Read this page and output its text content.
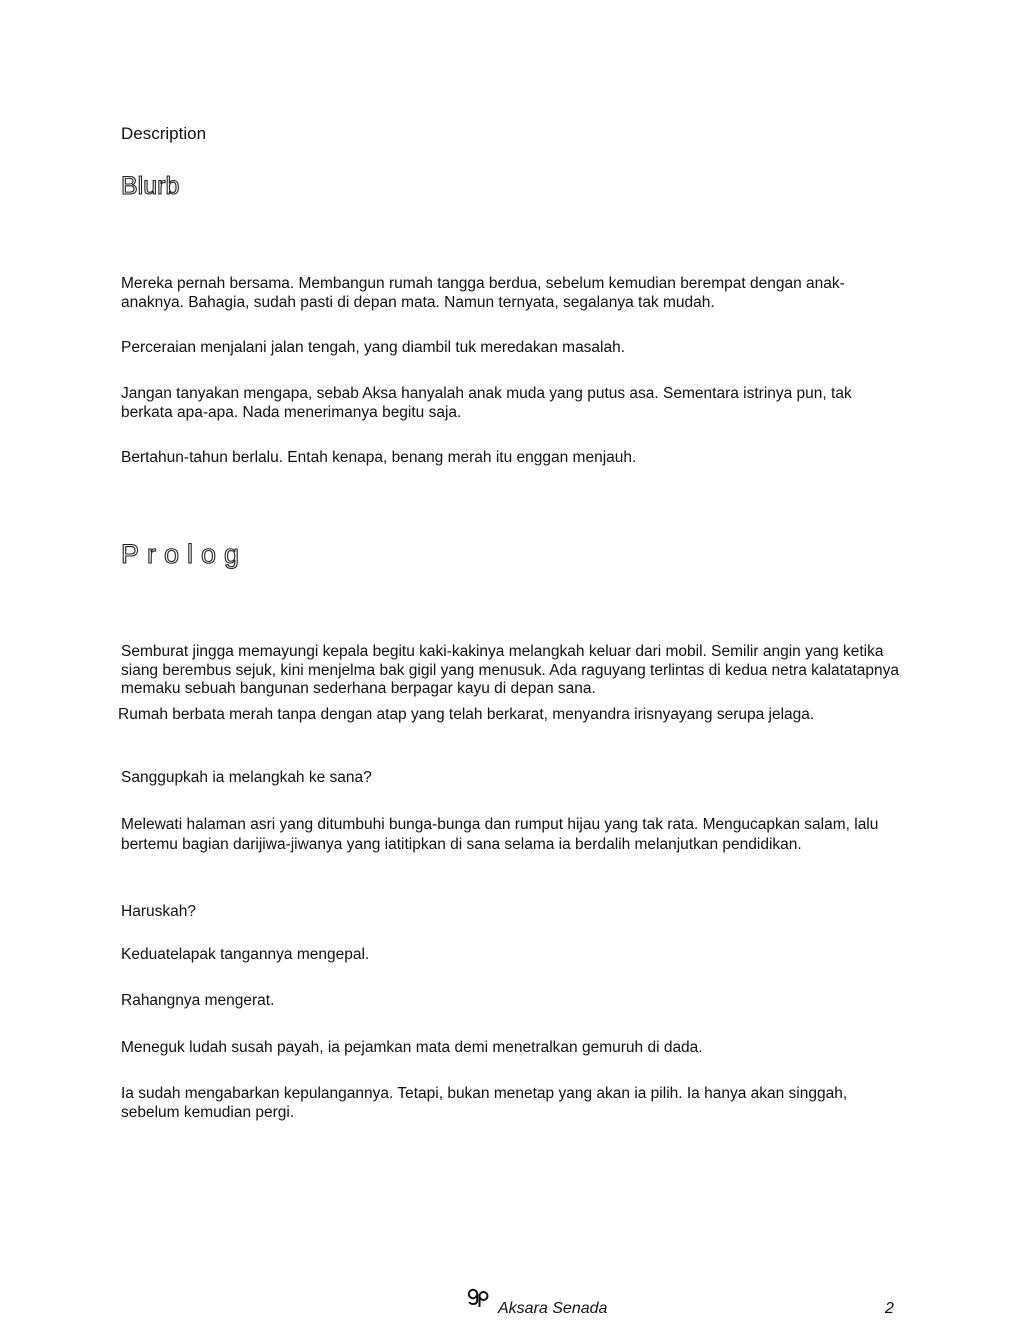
Description

Blurb

Mereka pernah bersama. Membangun rumah tangga berdua, sebelum kemudian berempat dengan anak-anaknya. Bahagia, sudah pasti di depan mata. Namun ternyata, segalanya tak mudah.

Perceraian menjalani jalan tengah, yang diambil tuk meredakan masalah.

Jangan tanyakan mengapa, sebab Aksa hanyalah anak muda yang putus asa. Sementara istrinya pun, tak berkata apa-apa. Nada menerimanya begitu saja.

Bertahun-tahun berlalu. Entah kenapa, benang merah itu enggan menjauh.

Prolog

Semburat jingga memayungi kepala begitu kaki-kakinya melangkah keluar dari mobil. Semilir angin yang ketika siang berembus sejuk, kini menjelma bak gigil yang menusuk. Ada raguyang terlintas di kedua netra kalatatapnya memaku sebuah bangunan sederhana berpagar kayu di depan sana.

Rumah berbata merah tanpa dengan atap yang telah berkarat, menyandra irisnyayang serupa jelaga.

Sanggupkah ia melangkah ke sana?

Melewati halaman asri yang ditumbuhi bunga-bunga dan rumput hijau yang tak rata. Mengucapkan salam, lalu bertemu bagian darijiwa-jiwanya yang iatitipkan di sana selama ia berdalih melanjutkan pendidikan.

Haruskah?

Keduatelapak tangannya mengepal.

Rahangnya mengerat.

Meneguk ludah susah payah, ia pejamkan mata demi menetralkan gemuruh di dada.

Ia sudah mengabarkan kepulangannya. Tetapi, bukan menetap yang akan ia pilih. Ia hanya akan singgah, sebelum kemudian pergi.

Aksara Senada	2
